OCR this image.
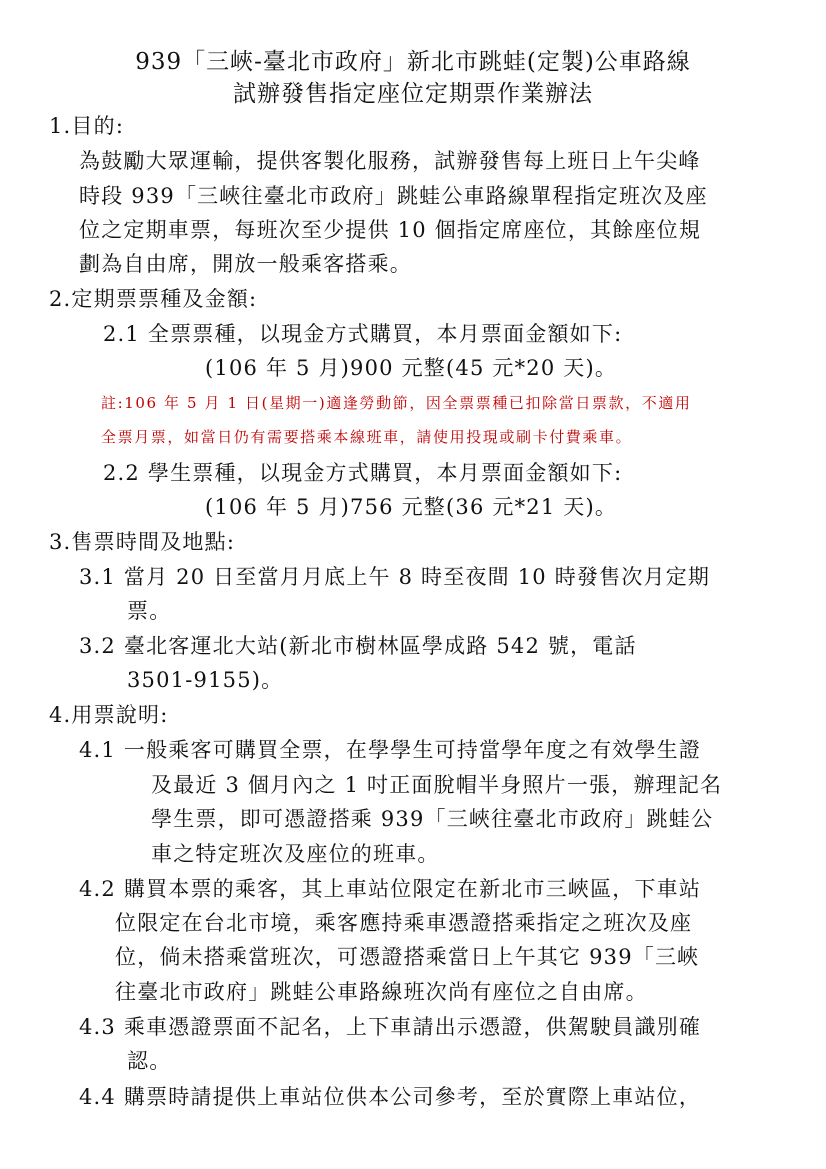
939「三峽-臺北市政府」新北市跳蛙(定製)公車路線
試辦發售指定座位定期票作業辦法
1.目的:
為鼓勵大眾運輸，提供客製化服務，試辦發售每上班日上午尖峰
時段 939「三峽往臺北市政府」跳蛙公車路線單程指定班次及座
位之定期車票，每班次至少提供 10 個指定席座位，其餘座位規
劃為自由席，開放一般乘客搭乘。
2.定期票票種及金額:
2.1 全票票種，以現金方式購買，本月票面金額如下:
(106 年 5 月)900 元整(45 元*20 天)。
註:106 年 5 月 1 日(星期一)適逢勞動節，因全票票種已扣除當日票款，不適用
全票月票，如當日仍有需要搭乘本線班車，請使用投現或刷卡付費乘車。
2.2 學生票種，以現金方式購買，本月票面金額如下:
(106 年 5 月)756 元整(36 元*21 天)。
3.售票時間及地點:
3.1 當月 20 日至當月月底上午 8 時至夜間 10 時發售次月定期
票。
3.2 臺北客運北大站(新北市樹林區學成路 542 號，電話
3501-9155)。
4.用票說明:
4.1 一般乘客可購買全票，在學學生可持當學年度之有效學生證
及最近 3 個月內之 1 吋正面脫帽半身照片一張，辦理記名
學生票，即可憑證搭乘 939「三峽往臺北市政府」跳蛙公
車之特定班次及座位的班車。
4.2 購買本票的乘客，其上車站位限定在新北市三峽區，下車站
位限定在台北市境，乘客應持乘車憑證搭乘指定之班次及座
位，倘未搭乘當班次，可憑證搭乘當日上午其它 939「三峽
往臺北市政府」跳蛙公車路線班次尚有座位之自由席。
4.3 乘車憑證票面不記名，上下車請出示憑證，供駕駛員識別確
認。
4.4 購票時請提供上車站位供本公司參考，至於實際上車站位，
